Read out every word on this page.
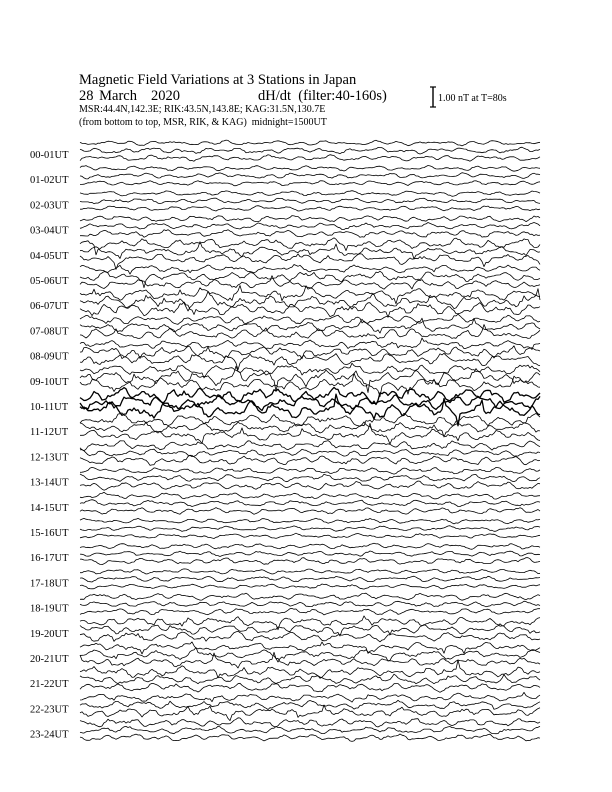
Magnetic Field Variations at 3 Stations in Japan
28 March 2020	dH/dt (filter:40-160s)
MSR:44.4N,142.3E; RIK:43.5N,143.8E; KAG:31.5N,130.7E
(from bottom to top, MSR, RIK, & KAG) midnight=1500UT
1.00 nT at T=80s
00-01UT
01-02UT
02-03UT
03-04UT
04-05UT
05-06UT
06-07UT
07-08UT
08-09UT
09-10UT
10-11UT
11-12UT
12-13UT
13-14UT
14-15UT
15-16UT
16-17UT
17-18UT
18-19UT
19-20UT
20-21UT
21-22UT
22-23UT
23-24UT
